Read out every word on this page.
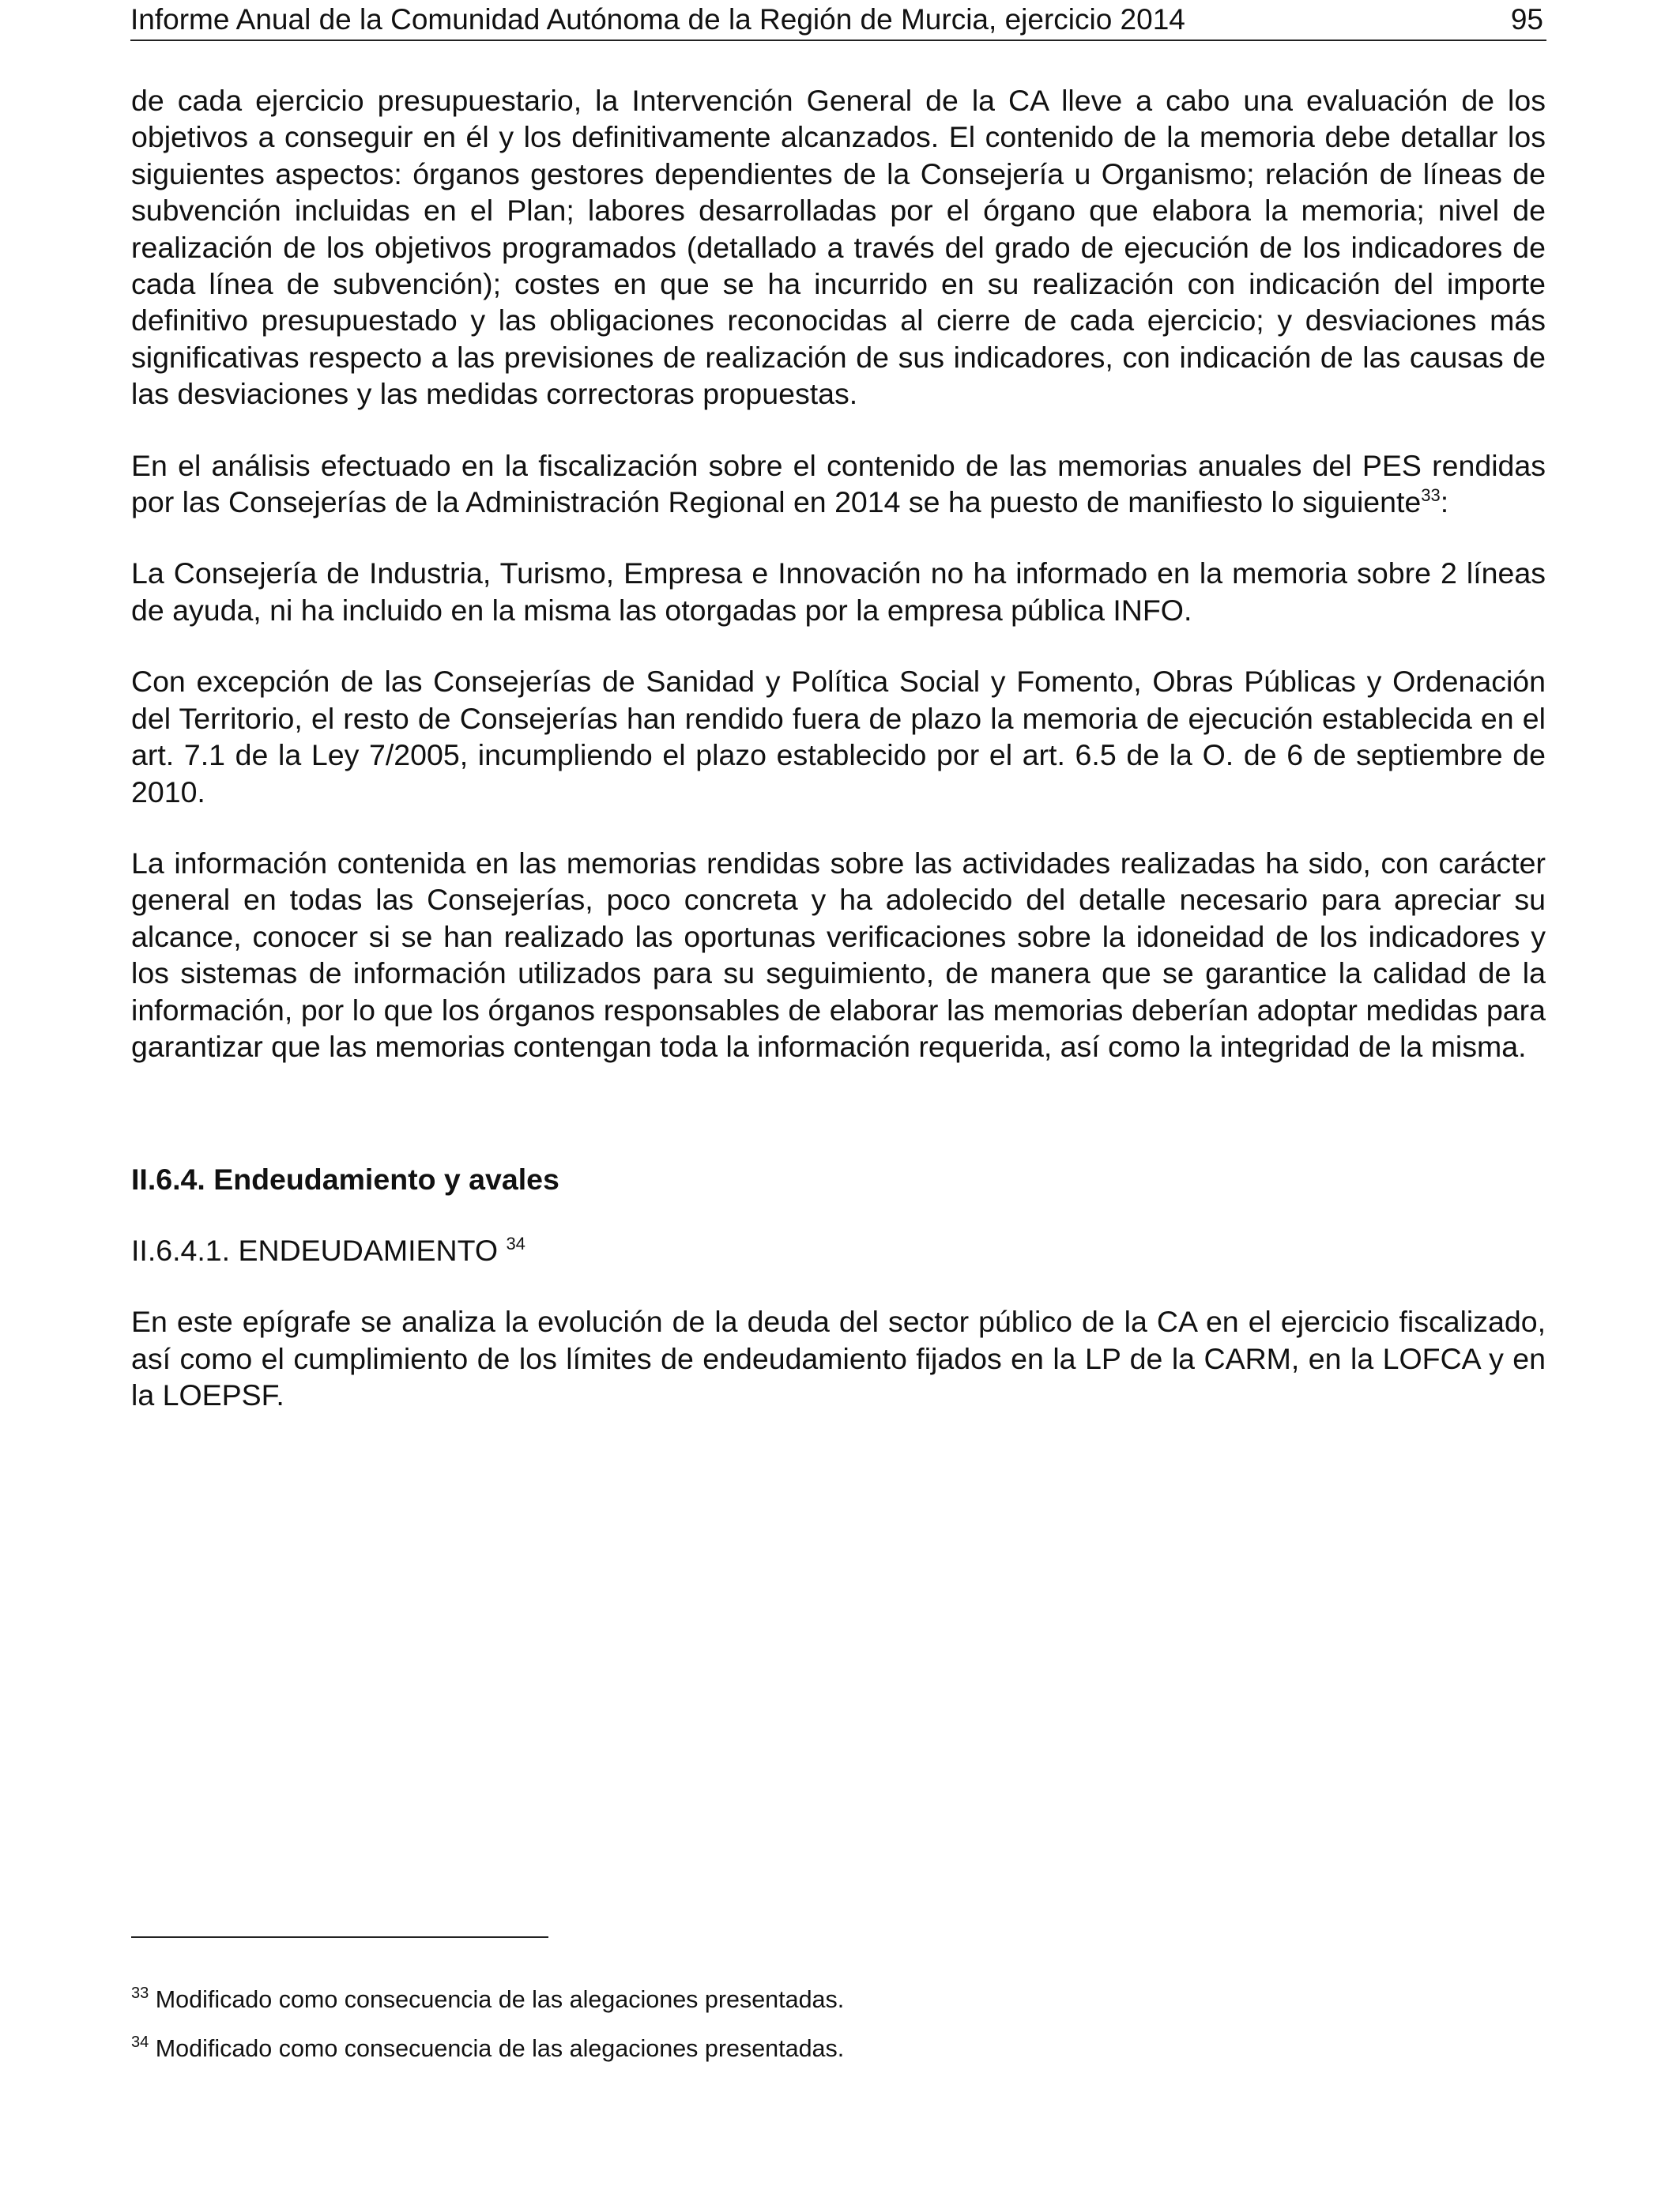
Informe Anual de la Comunidad Autónoma de la Región de Murcia, ejercicio 2014	95

de cada ejercicio presupuestario, la Intervención General de la CA lleve a cabo una evaluación de los objetivos a conseguir en él y los definitivamente alcanzados. El contenido de la memoria debe detallar los siguientes aspectos: órganos gestores dependientes de la Consejería u Organismo; relación de líneas de subvención incluidas en el Plan; labores desarrolladas por el órgano que elabora la memoria; nivel de realización de los objetivos programados (detallado a través del grado de ejecución de los indicadores de cada línea de subvención); costes en que se ha incurrido en su realización con indicación del importe definitivo presupuestado y las obligaciones reconocidas al cierre de cada ejercicio; y desviaciones más significativas respecto a las previsiones de realización de sus indicadores, con indicación de las causas de las desviaciones y las medidas correctoras propuestas.

En el análisis efectuado en la fiscalización sobre el contenido de las memorias anuales del PES rendidas por las Consejerías de la Administración Regional en 2014 se ha puesto de manifiesto lo siguiente$^{33}$:

La Consejería de Industria, Turismo, Empresa e Innovación no ha informado en la memoria sobre 2 líneas de ayuda, ni ha incluido en la misma las otorgadas por la empresa pública INFO.

Con excepción de las Consejerías de Sanidad y Política Social y Fomento, Obras Públicas y Ordenación del Territorio, el resto de Consejerías han rendido fuera de plazo la memoria de ejecución establecida en el art. 7.1 de la Ley 7/2005, incumpliendo el plazo establecido por el art. 6.5 de la O. de 6 de septiembre de 2010.

La información contenida en las memorias rendidas sobre las actividades realizadas ha sido, con carácter general en todas las Consejerías, poco concreta y ha adolecido del detalle necesario para apreciar su alcance, conocer si se han realizado las oportunas verificaciones sobre la idoneidad de los indicadores y los sistemas de información utilizados para su seguimiento, de manera que se garantice la calidad de la información, por lo que los órganos responsables de elaborar las memorias deberían adoptar medidas para garantizar que las memorias contengan toda la información requerida, así como la integridad de la misma.

II.6.4. Endeudamiento y avales

II.6.4.1. ENDEUDAMIENTO $^{34}$

En este epígrafe se analiza la evolución de la deuda del sector público de la CA en el ejercicio fiscalizado, así como el cumplimiento de los límites de endeudamiento fijados en la LP de la CARM, en la LOFCA y en la LOEPSF.

$^{33}$ Modificado como consecuencia de las alegaciones presentadas.

$^{34}$ Modificado como consecuencia de las alegaciones presentadas.
